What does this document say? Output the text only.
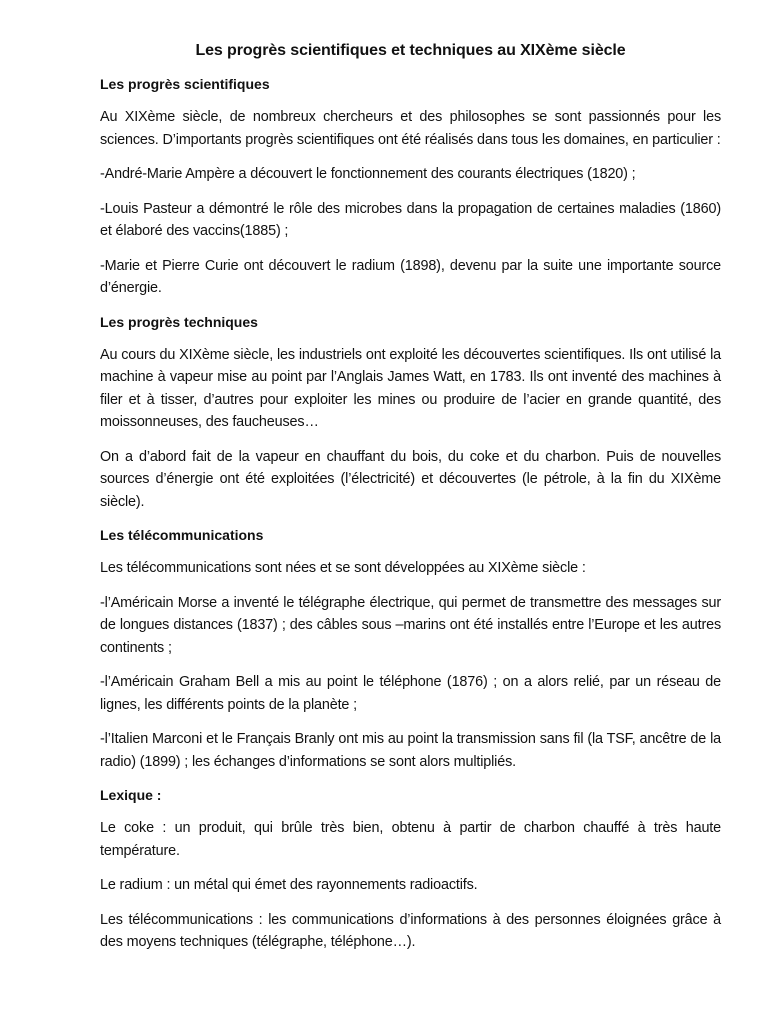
Les progrès scientifiques et techniques au XIXème siècle
Les progrès scientifiques

Au XIXème siècle, de nombreux chercheurs et des philosophes se sont passionnés pour les sciences. D’importants progrès scientifiques ont été réalisés dans tous les domaines, en particulier :

-André-Marie Ampère a découvert le fonctionnement des courants électriques (1820) ;

-Louis Pasteur a démontré le rôle des microbes dans la propagation de certaines maladies (1860) et élaboré des vaccins(1885) ;

-Marie et Pierre Curie ont découvert le radium (1898), devenu par la suite une importante source d’énergie.

Les progrès techniques

Au cours du XIXème siècle, les industriels ont exploité les découvertes scientifiques. Ils ont utilisé la machine à vapeur mise au point par l’Anglais James Watt, en 1783. Ils ont inventé des machines à filer et à tisser, d’autres pour exploiter les mines ou produire de l’acier en grande quantité, des moissonneuses, des faucheuses…

On a d’abord fait de la vapeur en chauffant du bois, du coke et du charbon. Puis de nouvelles sources d’énergie ont été exploitées (l’électricité) et découvertes (le pétrole, à la fin du XIXème siècle).

Les télécommunications

Les télécommunications sont nées et se sont développées au XIXème siècle :

-l’Américain Morse a inventé le télégraphe électrique, qui permet de transmettre des messages sur de longues distances (1837) ; des câbles sous –marins ont été installés entre l’Europe et les autres continents ;

-l’Américain Graham Bell a mis au point le téléphone (1876) ; on a alors relié, par un réseau de lignes, les différents points de la planète ;

-l’Italien Marconi et le Français Branly ont mis au point la transmission sans fil (la TSF, ancêtre de la radio) (1899) ; les échanges d’informations se sont alors multipliés.

Lexique :

Le coke : un produit, qui brûle très bien, obtenu à partir de charbon chauffé à très haute température.

Le radium : un métal qui émet des rayonnements radioactifs.

Les télécommunications : les communications d’informations à des personnes éloignées grâce à des moyens techniques (télégraphe, téléphone…).
